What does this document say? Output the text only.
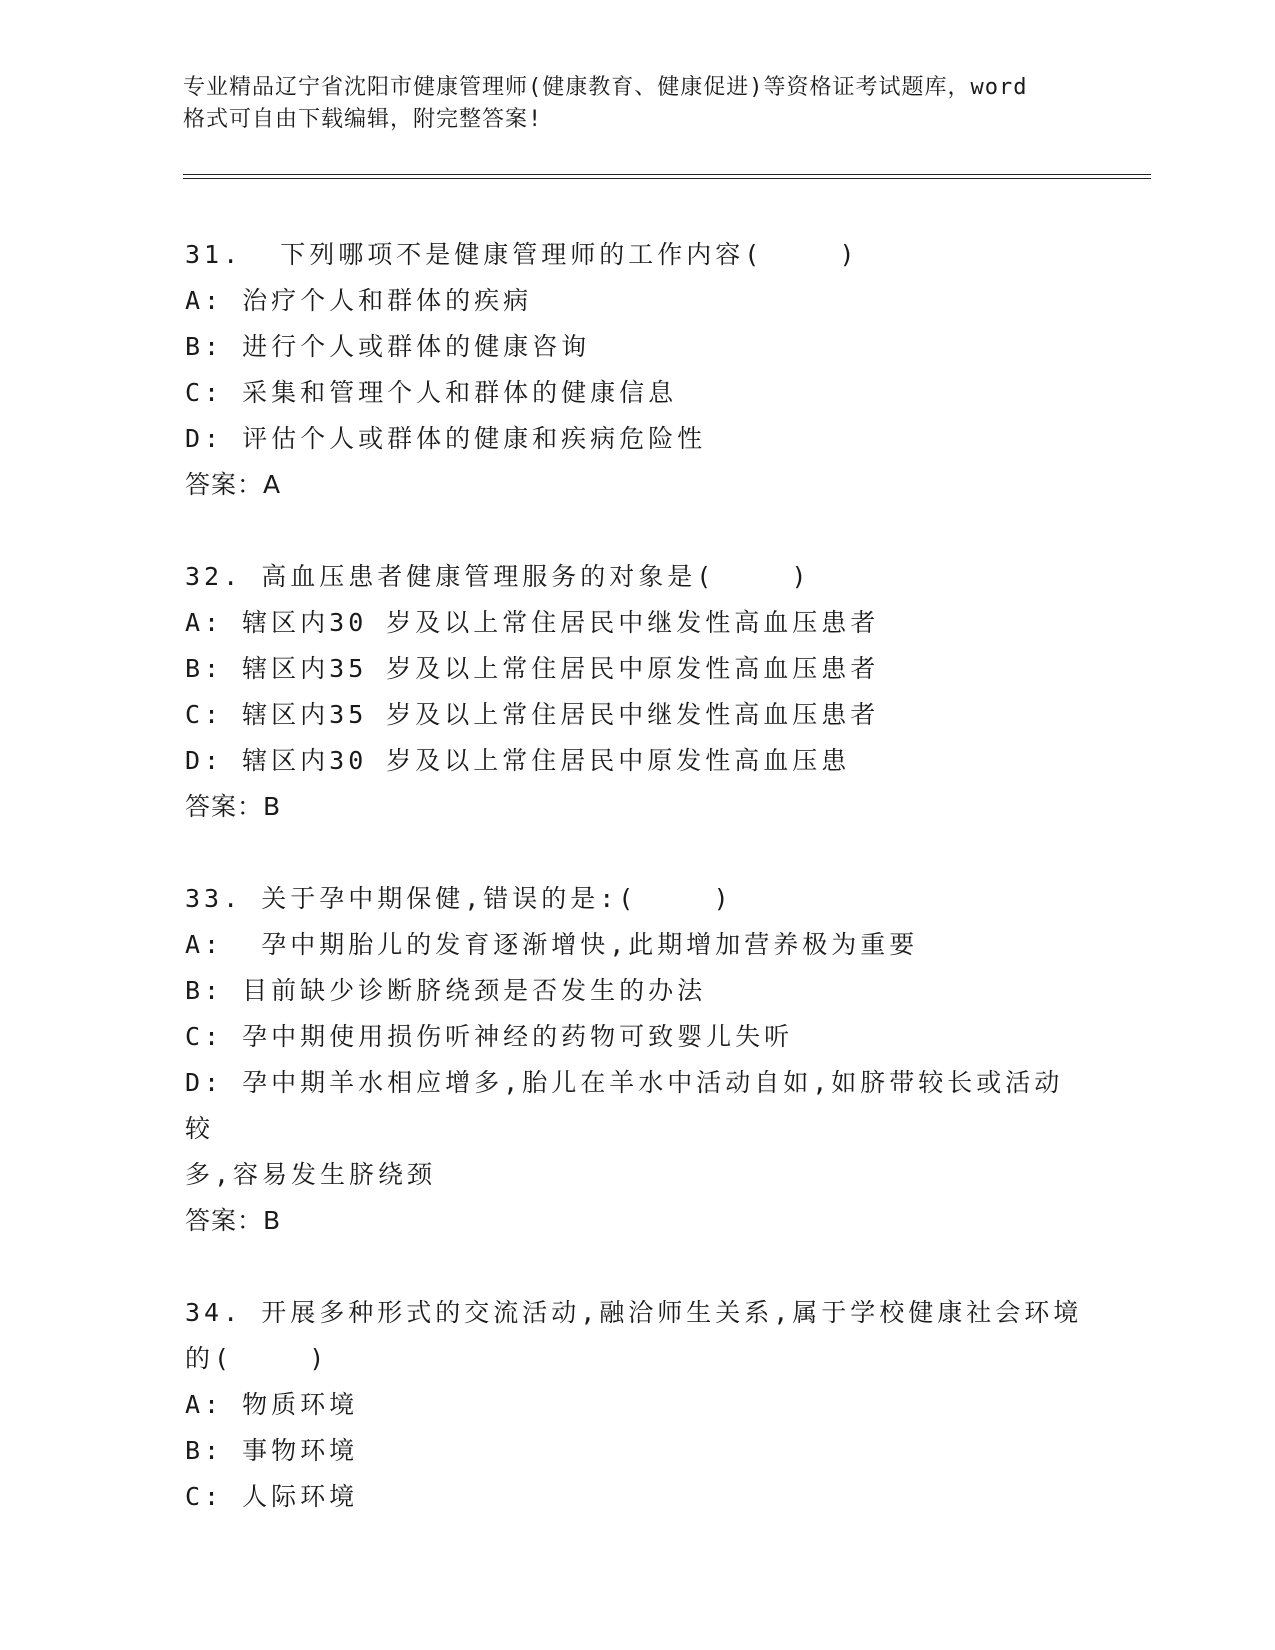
专业精品辽宁省沈阳市健康管理师(健康教育、健康促进)等资格证考试题库，word
格式可自由下载编辑，附完整答案!
31.  下列哪项不是健康管理师的工作内容(    )
A: 治疗个人和群体的疾病
B: 进行个人或群体的健康咨询
C: 采集和管理个人和群体的健康信息
D: 评估个人或群体的健康和疾病危险性
答案：A
32. 高血压患者健康管理服务的对象是(    )
A: 辖区内30 岁及以上常住居民中继发性高血压患者
B: 辖区内35 岁及以上常住居民中原发性高血压患者
C: 辖区内35 岁及以上常住居民中继发性高血压患者
D: 辖区内30 岁及以上常住居民中原发性高血压患
答案：B
33. 关于孕中期保健,错误的是:(    )
A:  孕中期胎儿的发育逐渐增快,此期增加营养极为重要
B: 目前缺少诊断脐绕颈是否发生的办法
C: 孕中期使用损伤听神经的药物可致婴儿失听
D: 孕中期羊水相应增多,胎儿在羊水中活动自如,如脐带较长或活动较
多,容易发生脐绕颈
答案：B
34. 开展多种形式的交流活动,融洽师生关系,属于学校健康社会环境
的(    )
A: 物质环境
B: 事物环境
C: 人际环境
